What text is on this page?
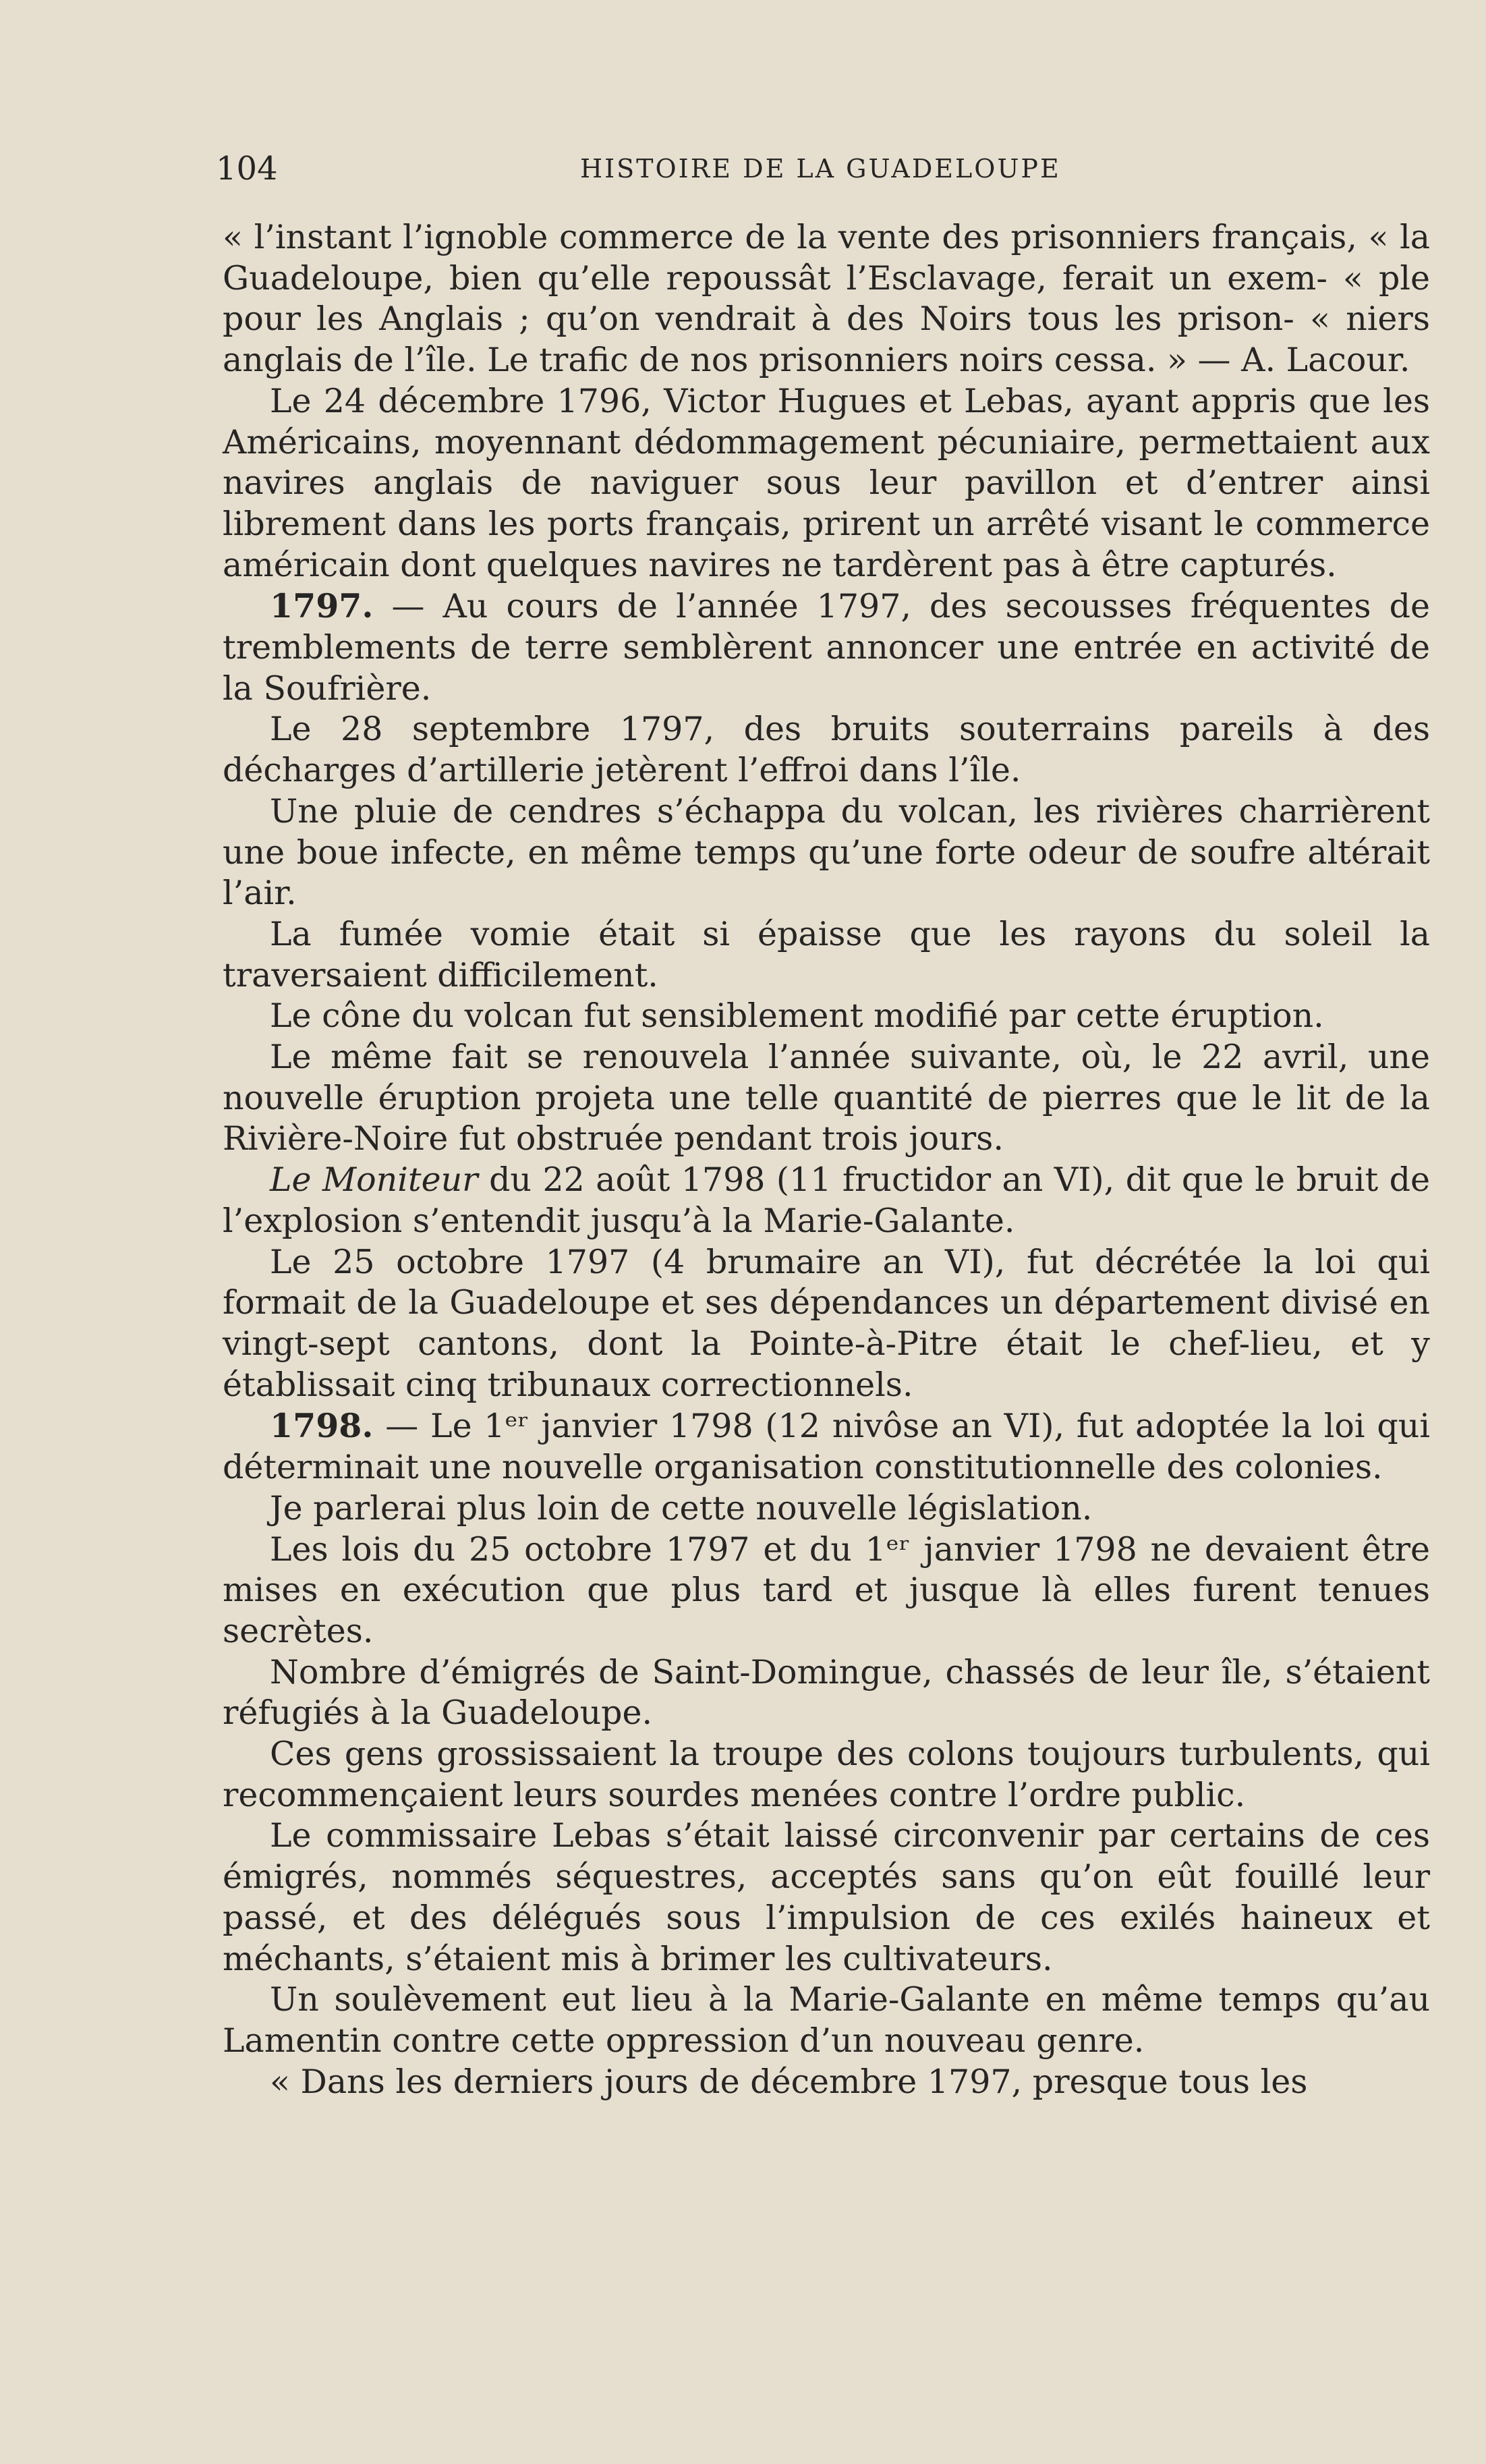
104	HISTOIRE DE LA GUADELOUPE

« l’instant l’ignoble commerce de la vente des prisonniers français, « la Guadeloupe, bien qu’elle repoussât l’Esclavage, ferait un exem- « ple pour les Anglais ; qu’on vendrait à des Noirs tous les prison- « niers anglais de l’île. Le trafic de nos prisonniers noirs cessa. » — A. Lacour.

Le 24 décembre 1796, Victor Hugues et Lebas, ayant appris que les Américains, moyennant dédommagement pécuniaire, permettaient aux navires anglais de naviguer sous leur pavillon et d’entrer ainsi librement dans les ports français, prirent un arrêté visant le commerce américain dont quelques navires ne tardèrent pas à être capturés.

1797. — Au cours de l’année 1797, des secousses fréquentes de tremblements de terre semblèrent annoncer une entrée en activité de la Soufrière.

Le 28 septembre 1797, des bruits souterrains pareils à des décharges d’artillerie jetèrent l’effroi dans l’île.

Une pluie de cendres s’échappa du volcan, les rivières charrièrent une boue infecte, en même temps qu’une forte odeur de soufre altérait l’air.

La fumée vomie était si épaisse que les rayons du soleil la traversaient difficilement.

Le cône du volcan fut sensiblement modifié par cette éruption.

Le même fait se renouvela l’année suivante, où, le 22 avril, une nouvelle éruption projeta une telle quantité de pierres que le lit de la Rivière-Noire fut obstruée pendant trois jours.

Le Moniteur du 22 août 1798 (11 fructidor an VI), dit que le bruit de l’explosion s’entendit jusqu’à la Marie-Galante.

Le 25 octobre 1797 (4 brumaire an VI), fut décrétée la loi qui formait de la Guadeloupe et ses dépendances un département divisé en vingt-sept cantons, dont la Pointe-à-Pitre était le chef-lieu, et y établissait cinq tribunaux correctionnels.

1798. — Le 1ᵉʳ janvier 1798 (12 nivôse an VI), fut adoptée la loi qui déterminait une nouvelle organisation constitutionnelle des colonies.

Je parlerai plus loin de cette nouvelle législation.

Les lois du 25 octobre 1797 et du 1ᵉʳ janvier 1798 ne devaient être mises en exécution que plus tard et jusque là elles furent tenues secrètes.

Nombre d’émigrés de Saint-Domingue, chassés de leur île, s’étaient réfugiés à la Guadeloupe.

Ces gens grossissaient la troupe des colons toujours turbulents, qui recommençaient leurs sourdes menées contre l’ordre public.

Le commissaire Lebas s’était laissé circonvenir par certains de ces émigrés, nommés séquestres, acceptés sans qu’on eût fouillé leur passé, et des délégués sous l’impulsion de ces exilés haineux et méchants, s’étaient mis à brimer les cultivateurs.

Un soulèvement eut lieu à la Marie-Galante en même temps qu’au Lamentin contre cette oppression d’un nouveau genre.

« Dans les derniers jours de décembre 1797, presque tous les
